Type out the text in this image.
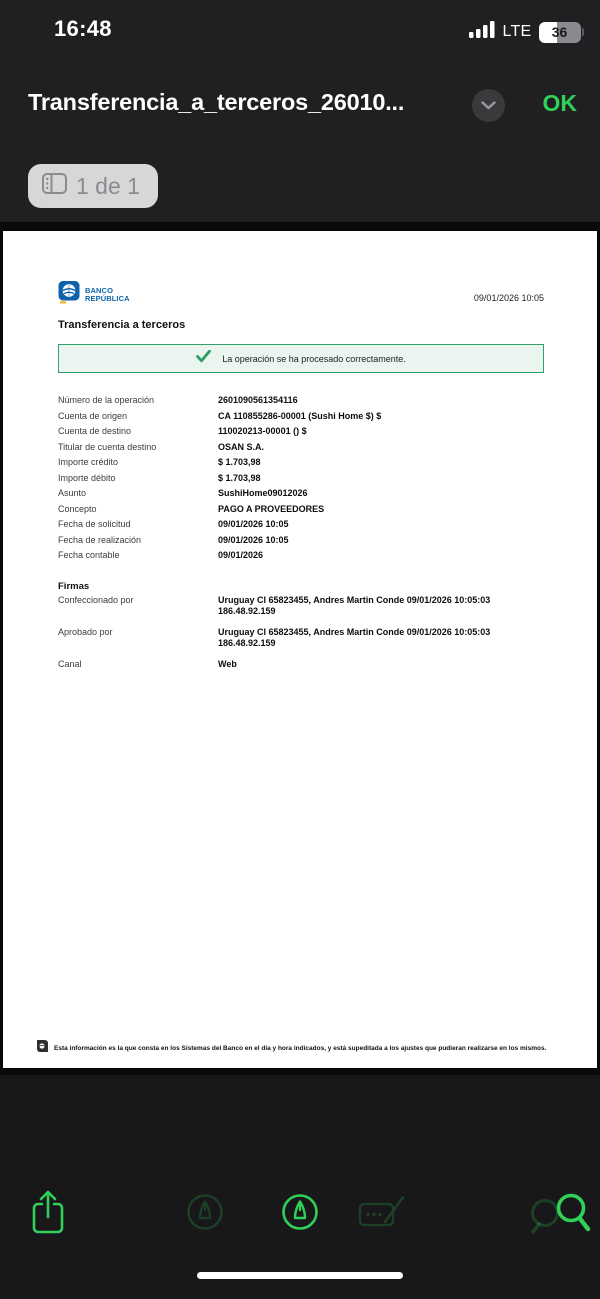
16:48	LTE 36
Transferencia_a_terceros_26010...	OK
1 de 1
BANCO
REPÚBLICA	09/01/2026 10:05
Transferencia a terceros
La operación se ha procesado correctamente.
Número de la operación	2601090561354116
Cuenta de origen	CA 110855286-00001 (Sushi Home $) $
Cuenta de destino	110020213-00001 () $
Titular de cuenta destino	OSAN S.A.
Importe crédito	$ 1.703,98
Importe débito	$ 1.703,98
Asunto	SushiHome09012026
Concepto	PAGO A PROVEEDORES
Fecha de solicitud	09/01/2026 10:05
Fecha de realización	09/01/2026 10:05
Fecha contable	09/01/2026
Firmas
Confeccionado por	Uruguay CI 65823455, Andres Martin Conde 09/01/2026 10:05:03 186.48.92.159
Aprobado por	Uruguay CI 65823455, Andres Martin Conde 09/01/2026 10:05:03 186.48.92.159
Canal	Web
Esta información es la que consta en los Sistemas del Banco en el día y hora indicados, y está supeditada a los ajustes que pudieran realizarse en los mismos.
